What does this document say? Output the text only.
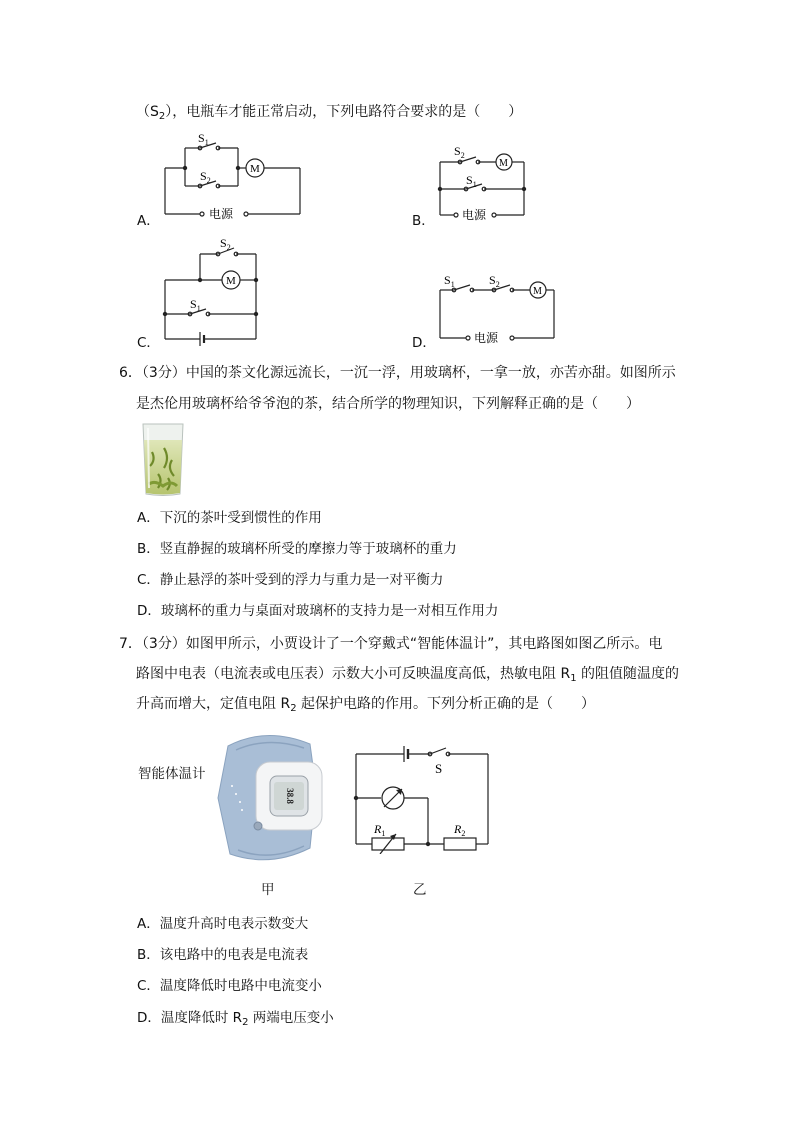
$(S_2)$，电瓶车才能正常启动，下列电路符合要求的是（　　）
A．
$S_1$
$S_2$
M
电源	B．
$S_2$
$S_1$
M
电源
C．
$S_2$
$S_1$
M
D．
$S_1$	$S_2$
M
电源
6．（3分）中国的茶文化源远流长，一沉一浮，用玻璃杯，一拿一放，亦苦亦甜。如图所示
是杰伦用玻璃杯给爷爷泡的茶，结合所学的物理知识，下列解释正确的是（　　）
A．下沉的茶叶受到惯性的作用
B．竖直静握的玻璃杯所受的摩擦力等于玻璃杯的重力
C．静止悬浮的茶叶受到的浮力与重力是一对平衡力
D．玻璃杯的重力与桌面对玻璃杯的支持力是一对相互作用力
7．（3分）如图甲所示，小贾设计了一个穿戴式“智能体温计”，其电路图如图乙所示。电
路图中电表（电流表或电压表）示数大小可反映温度高低，热敏电阻 $R_1$ 的阻值随温度的
升高而增大，定值电阻 $R_2$ 起保护电路的作用。下列分析正确的是（　　）
智能体温计
38.8
甲
S
$R_1$	$R_2$
乙
A．温度升高时电表示数变大
B．该电路中的电表是电流表
C．温度降低时电路中电流变小
D．温度降低时 $R_2$ 两端电压变小
